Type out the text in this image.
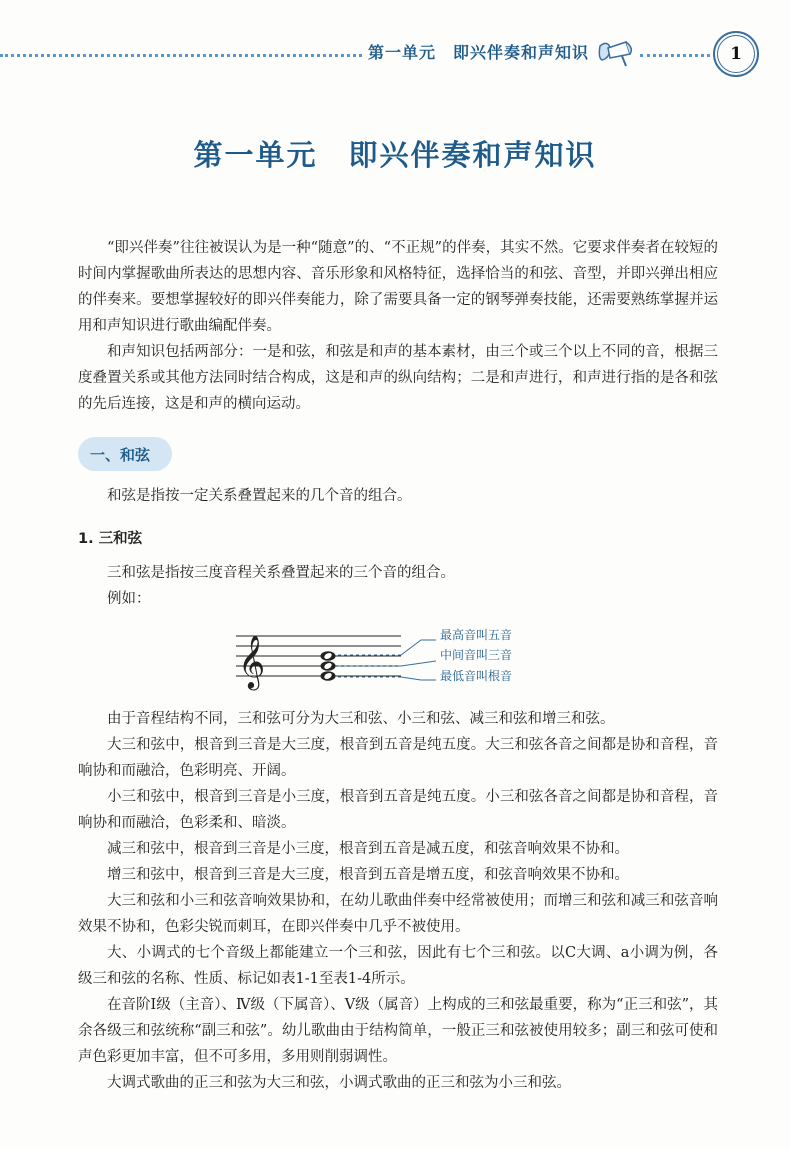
第一单元　即兴伴奏和声知识	1
第一单元　即兴伴奏和声知识

“即兴伴奏”往往被误认为是一种“随意”的、“不正规”的伴奏，其实不然。它要求伴奏者在较短的时间内掌握歌曲所表达的思想内容、音乐形象和风格特征，选择恰当的和弦、音型，并即兴弹出相应的伴奏来。要想掌握较好的即兴伴奏能力，除了需要具备一定的钢琴弹奏技能，还需要熟练掌握并运用和声知识进行歌曲编配伴奏。

和声知识包括两部分：一是和弦，和弦是和声的基本素材，由三个或三个以上不同的音，根据三度叠置关系或其他方法同时结合构成，这是和声的纵向结构；二是和声进行，和声进行指的是各和弦的先后连接，这是和声的横向运动。

一、和弦

和弦是指按一定关系叠置起来的几个音的组合。

1. 三和弦

三和弦是指按三度音程关系叠置起来的三个音的组合。

例如：

𝄞	最高音叫五音
中间音叫三音
最低音叫根音

由于音程结构不同，三和弦可分为大三和弦、小三和弦、减三和弦和增三和弦。

大三和弦中，根音到三音是大三度，根音到五音是纯五度。大三和弦各音之间都是协和音程，音响协和而融洽，色彩明亮、开阔。

小三和弦中，根音到三音是小三度，根音到五音是纯五度。小三和弦各音之间都是协和音程，音响协和而融洽，色彩柔和、暗淡。

减三和弦中，根音到三音是小三度，根音到五音是减五度，和弦音响效果不协和。

增三和弦中，根音到三音是大三度，根音到五音是增五度，和弦音响效果不协和。

大三和弦和小三和弦音响效果协和，在幼儿歌曲伴奏中经常被使用；而增三和弦和减三和弦音响效果不协和，色彩尖锐而刺耳，在即兴伴奏中几乎不被使用。

大、小调式的七个音级上都能建立一个三和弦，因此有七个三和弦。以C大调、a小调为例，各级三和弦的名称、性质、标记如表1-1至表1-4所示。

在音阶Ⅰ级（主音）、Ⅳ级（下属音）、Ⅴ级（属音）上构成的三和弦最重要，称为“正三和弦”，其余各级三和弦统称“副三和弦”。幼儿歌曲由于结构简单，一般正三和弦被使用较多；副三和弦可使和声色彩更加丰富，但不可多用，多用则削弱调性。

大调式歌曲的正三和弦为大三和弦，小调式歌曲的正三和弦为小三和弦。
